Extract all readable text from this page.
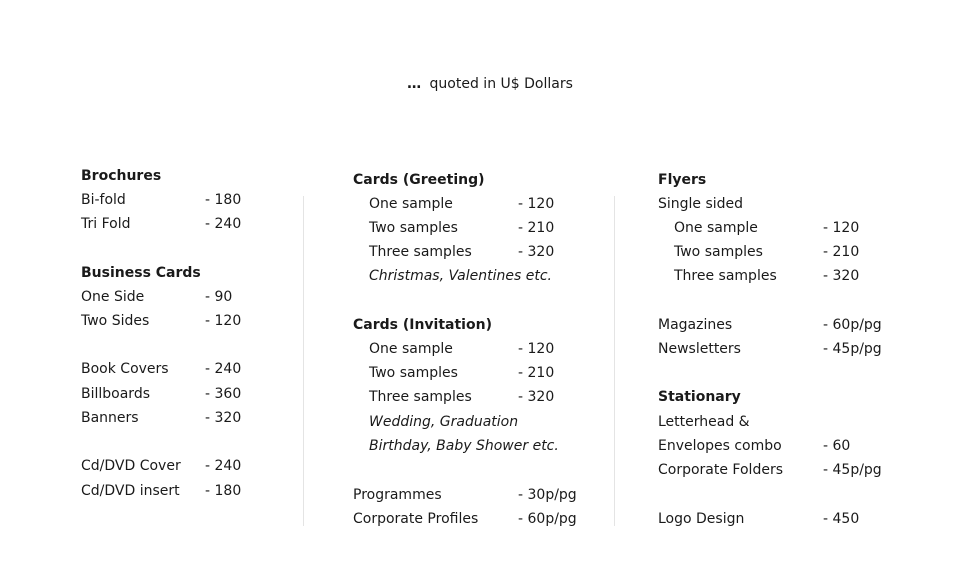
… quoted in U$ Dollars
Brochures
Bi-fold	- 180
Tri Fold	- 240
Business Cards
One Side	- 90
Two Sides	- 120
Book Covers	- 240
Billboards	- 360
Banners	- 320
Cd/DVD Cover - 240
Cd/DVD insert - 180
Cards (Greeting)
One sample	- 120
Two samples	- 210
Three samples	- 320
Christmas, Valentines etc.
Cards (Invitation)
One sample	- 120
Two samples	- 210
Three samples	- 320
Wedding, Graduation
Birthday, Baby Shower etc.
Programmes	- 30p/pg
Corporate Profiles	- 60p/pg
Flyers
Single sided
One sample	- 120
Two samples	- 210
Three samples	- 320
Magazines	- 60p/pg
Newsletters	- 45p/pg
Stationary
Letterhead &
Envelopes combo	- 60
Corporate Folders	- 45p/pg
Logo Design	- 450
